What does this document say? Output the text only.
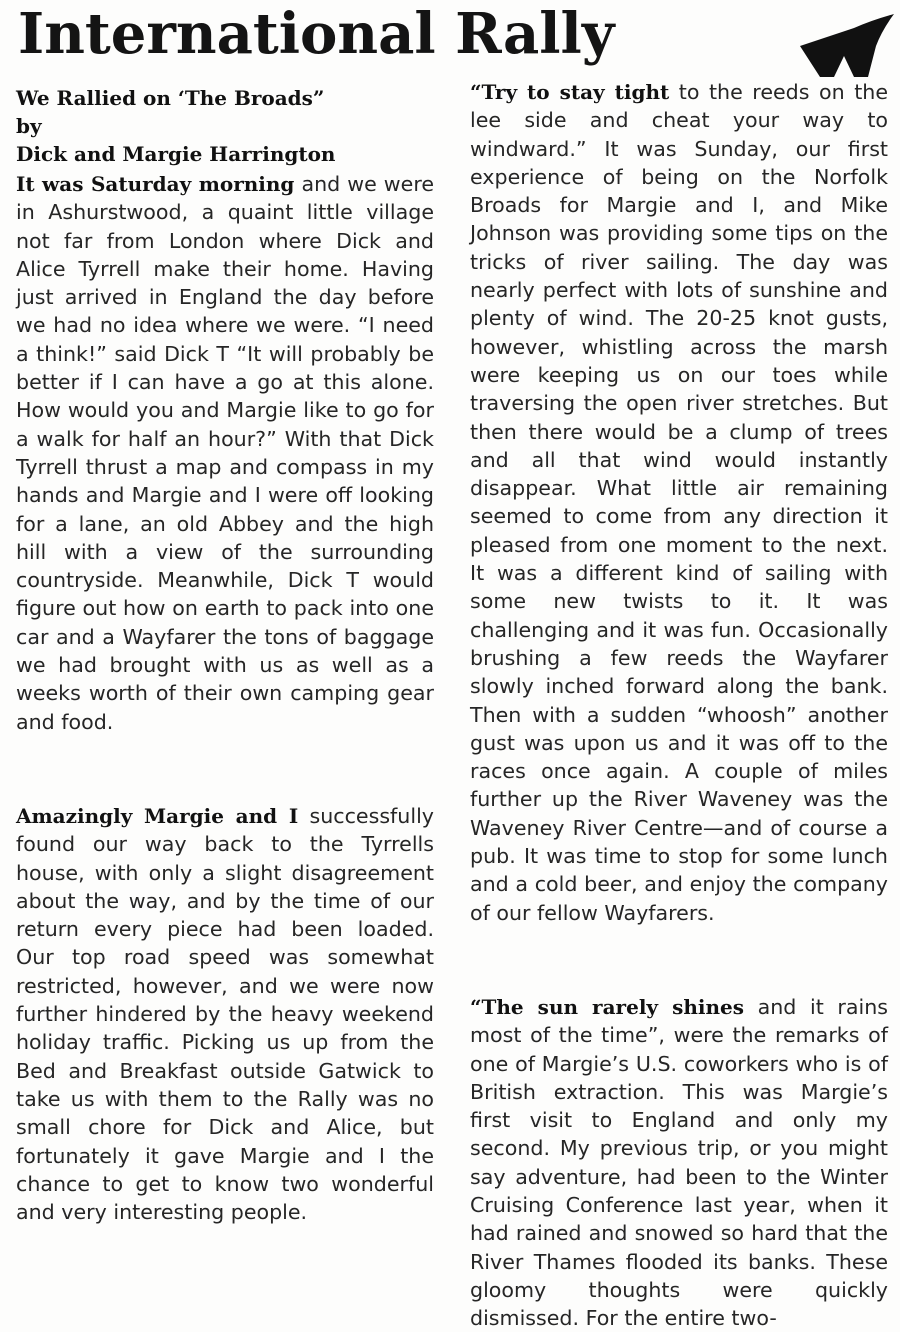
International Rally
We Rallied on ‘The Broads”
by
Dick and Margie Harrington

It was Saturday morning and we were in Ashurstwood, a quaint little village not far from London where Dick and Alice Tyrrell make their home. Having just arrived in England the day before we had no idea where we were. “I need a think!” said Dick T “It will probably be better if I can have a go at this alone. How would you and Margie like to go for a walk for half an hour?” With that Dick Tyrrell thrust a map and compass in my hands and Margie and I were off looking for a lane, an old Abbey and the high hill with a view of the surrounding countryside. Meanwhile, Dick T would figure out how on earth to pack into one car and a Wayfarer the tons of baggage we had brought with us as well as a weeks worth of their own camping gear and food.

Amazingly Margie and I successfully found our way back to the Tyrrells house, with only a slight disagreement about the way, and by the time of our return every piece had been loaded. Our top road speed was somewhat restricted, however, and we were now further hindered by the heavy weekend holiday traffic. Picking us up from the Bed and Breakfast outside Gatwick to take us with them to the Rally was no small chore for Dick and Alice, but fortunately it gave Margie and I the chance to get to know two wonderful and very interesting people.

“Try to stay tight to the reeds on the lee side and cheat your way to windward.” It was Sunday, our first experience of being on the Norfolk Broads for Margie and I, and Mike Johnson was providing some tips on the tricks of river sailing. The day was nearly perfect with lots of sunshine and plenty of wind. The 20-25 knot gusts, however, whistling across the marsh were keeping us on our toes while traversing the open river stretches. But then there would be a clump of trees and all that wind would instantly disappear. What little air remaining seemed to come from any direction it pleased from one moment to the next. It was a different kind of sailing with some new twists to it. It was challenging and it was fun. Occasionally brushing a few reeds the Wayfarer slowly inched forward along the bank. Then with a sudden “whoosh” another gust was upon us and it was off to the races once again. A couple of miles further up the River Waveney was the Waveney River Centre—and of course a pub. It was time to stop for some lunch and a cold beer, and enjoy the company of our fellow Wayfarers.

“The sun rarely shines and it rains most of the time”, were the remarks of one of Margie’s U.S. coworkers who is of British extraction. This was Margie’s first visit to England and only my second. My previous trip, or you might say adventure, had been to the Winter Cruising Conference last year, when it had rained and snowed so hard that the River Thames flooded its banks. These gloomy thoughts were quickly dismissed. For the entire two-
